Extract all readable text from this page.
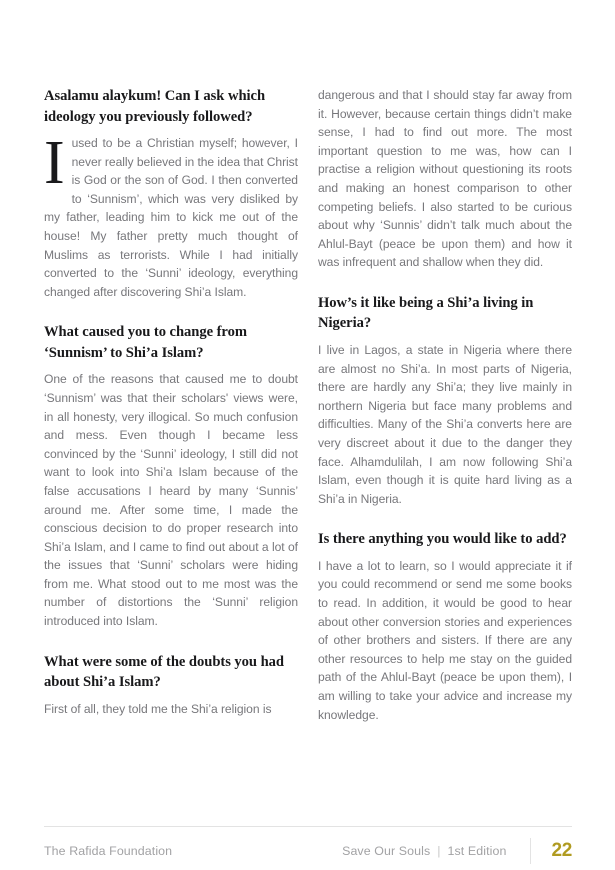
Asalamu alaykum! Can I ask which ideology you previously followed?

Iused to be a Christian myself; however, I never really believed in the idea that Christ is God or the son of God. I then converted to ‘Sunnism’, which was very disliked by my father, leading him to kick me out of the house! My father pretty much thought of Muslims as terrorists. While I had initially converted to the ‘Sunni’ ideology, everything changed after discovering Shi’a Islam.

What caused you to change from ‘Sunnism’ to Shi’a Islam?

One of the reasons that caused me to doubt ‘Sunnism’ was that their scholars' views were, in all honesty, very illogical. So much confusion and mess. Even though I became less convinced by the ‘Sunni’ ideology, I still did not want to look into Shi’a Islam because of the false accusations I heard by many ‘Sunnis’ around me. After some time, I made the conscious decision to do proper research into Shi’a Islam, and I came to find out about a lot of the issues that ‘Sunni’ scholars were hiding from me. What stood out to me most was the number of distortions the ‘Sunni’ religion introduced into Islam.

What were some of the doubts you had about Shi’a Islam?

First of all, they told me the Shi’a religion is

dangerous and that I should stay far away from it. However, because certain things didn’t make sense, I had to find out more. The most important question to me was, how can I practise a religion without questioning its roots and making an honest comparison to other competing beliefs. I also started to be curious about why ‘Sunnis’ didn’t talk much about the Ahlul-Bayt (peace be upon them) and how it was infrequent and shallow when they did.

How’s it like being a Shi’a living in Nigeria?

I live in Lagos, a state in Nigeria where there are almost no Shi’a. In most parts of Nigeria, there are hardly any Shi’a; they live mainly in northern Nigeria but face many problems and difficulties. Many of the Shi’a converts here are very discreet about it due to the danger they face. Alhamdulilah, I am now following Shi’a Islam, even though it is quite hard living as a Shi’a in Nigeria.

Is there anything you would like to add?

I have a lot to learn, so I would appreciate it if you could recommend or send me some books to read. In addition, it would be good to hear about other conversion stories and experiences of other brothers and sisters. If there are any other resources to help me stay on the guided path of the Ahlul-Bayt (peace be upon them), I am willing to take your advice and increase my knowledge.

The Rafida Foundation	Save Our Souls | 1st Edition 22
